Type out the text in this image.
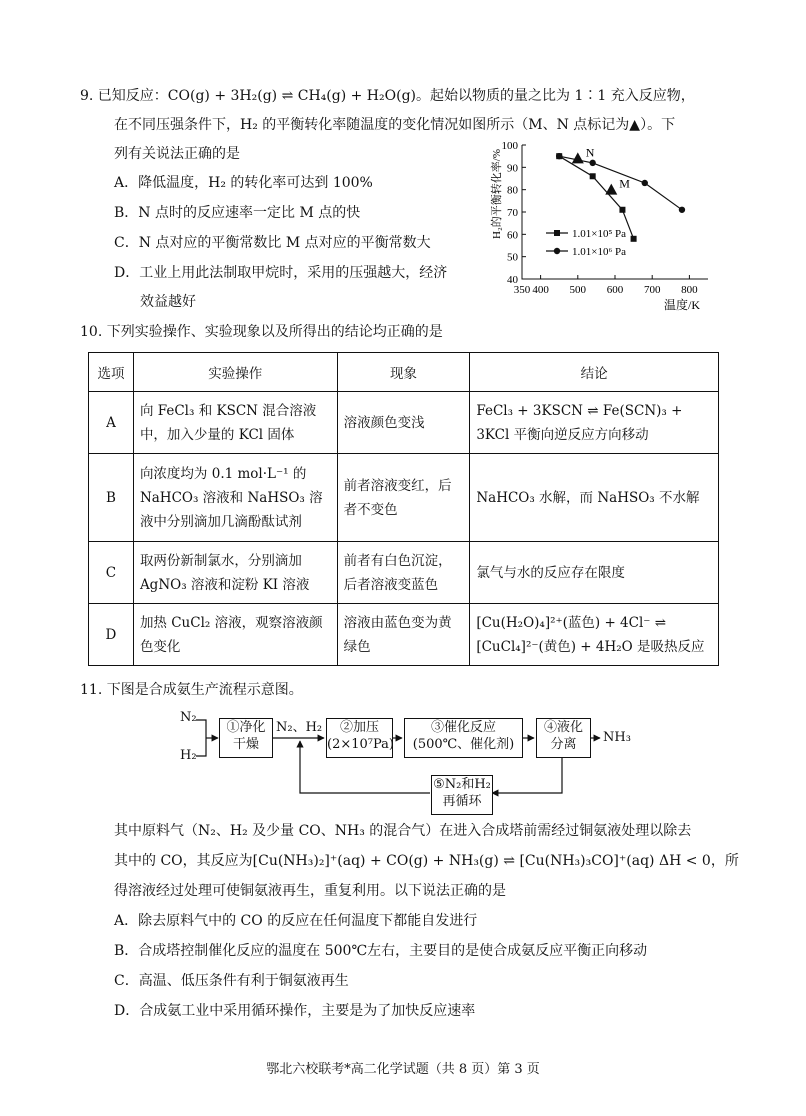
9. 已知反应：CO(g) + 3H₂(g) ⇌ CH₄(g) + H₂O(g)。起始以物质的量之比为 1∶1 充入反应物，
在不同压强条件下，H₂ 的平衡转化率随温度的变化情况如图所示（M、N 点标记为▲）。下
列有关说法正确的是
A．降低温度，H₂ 的转化率可达到 100%
B．N 点时的反应速率一定比 M 点的快
C．N 点对应的平衡常数比 M 点对应的平衡常数大
D．工业上用此法制取甲烷时，采用的压强越大，经济
效益越好
40
50
60
70
80
90
100
350 400 500 600 700 800
1.01×10⁵ Pa
1.01×10⁶ Pa
N
M
H₂的平衡转化率/%
温度/K
10. 下列实验操作、实验现象以及所得出的结论均正确的是
选项	实验操作	现象	结论
A	向 FeCl₃ 和 KSCN 混合溶液中，加入少量的 KCl 固体	溶液颜色变浅	FeCl₃ + 3KSCN ⇌ Fe(SCN)₃ + 3KCl 平衡向逆反应方向移动
B	向浓度均为 0.1 mol·L⁻¹ 的 NaHCO₃ 溶液和 NaHSO₃ 溶液中分别滴加几滴酚酞试剂	前者溶液变红，后者不变色	NaHCO₃ 水解，而 NaHSO₃ 不水解
C	取两份新制氯水，分别滴加 AgNO₃ 溶液和淀粉 KI 溶液	前者有白色沉淀，后者溶液变蓝色	氯气与水的反应存在限度
D	加热 CuCl₂ 溶液，观察溶液颜色变化	溶液由蓝色变为黄绿色	[Cu(H₂O)₄]²⁺(蓝色) + 4Cl⁻ ⇌ [CuCl₄]²⁻(黄色) + 4H₂O 是吸热反应
11. 下图是合成氨生产流程示意图。
N₂
H₂
①净化
干燥
N₂、H₂	②加压
(2×10⁷Pa)
③催化反应
(500℃、催化剂)
④液化
分离	NH₃
⑤N₂和H₂
再循环
其中原料气（N₂、H₂ 及少量 CO、NH₃ 的混合气）在进入合成塔前需经过铜氨液处理以除去
其中的 CO，其反应为[Cu(NH₃)₂]⁺(aq) + CO(g) + NH₃(g) ⇌ [Cu(NH₃)₃CO]⁺(aq) ΔH < 0，所
得溶液经过处理可使铜氨液再生，重复利用。以下说法正确的是
A．除去原料气中的 CO 的反应在任何温度下都能自发进行
B．合成塔控制催化反应的温度在 500℃左右，主要目的是使合成氨反应平衡正向移动
C．高温、低压条件有利于铜氨液再生
D．合成氨工业中采用循环操作，主要是为了加快反应速率
鄂北六校联考*高二化学试题（共 8 页）第 3 页
